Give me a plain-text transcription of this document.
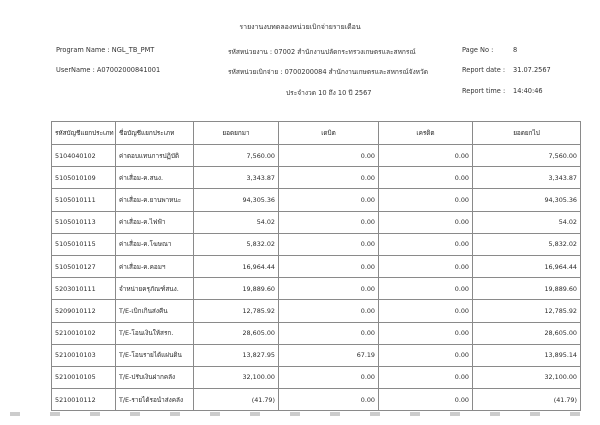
รายงานงบทดลองหน่วยเบิกจ่ายรายเดือน
Program Name : NGL_TB_PMT
UserName : A07002000841001
รหัสหน่วยงาน : 07002 สำนักงานปลัดกระทรวงเกษตรและสหกรณ์
รหัสหน่วยเบิกจ่าย : 0700200084 สำนักงานเกษตรและสหกรณ์จังหวัด
ประจำงวด 10 ถึง 10 ปี 2567
Page No :	8
Report date : 31.07.2567
Report time : 14:40:46
รหัสบัญชีแยกประเภท	ชื่อบัญชีแยกประเภท	ยอดยกมา	เดบิต	เครดิต	ยอดยกไป
5104040102	ค่าตอบแทนการปฏิบัติ	7,560.00	0.00	0.00	7,560.00
5105010109	ค่าเสื่อม-ค.สนง.	3,343.87	0.00	0.00	3,343.87
5105010111	ค่าเสื่อม-ค.ยานพาหนะ	94,305.36	0.00	0.00	94,305.36
5105010113	ค่าเสื่อม-ค.ไฟฟ้า	54.02	0.00	0.00	54.02
5105010115	ค่าเสื่อม-ค.โฆษณา	5,832.02	0.00	0.00	5,832.02
5105010127	ค่าเสื่อม-ค.คอมฯ	16,964.44	0.00	0.00	16,964.44
5203010111	จำหน่ายครุภัณฑ์สนง.	19,889.60	0.00	0.00	19,889.60
5209010112	T/E-เบิกเกินส่งคืน	12,785.92	0.00	0.00	12,785.92
5210010102	T/E-โอนเงินให้สรก.	28,605.00	0.00	0.00	28,605.00
5210010103	T/E-โอนรายได้แผ่นดิน	13,827.95	67.19	0.00	13,895.14
5210010105	T/E-ปรับเงินฝากคลัง	32,100.00	0.00	0.00	32,100.00
5210010112	T/E-รายได้รอนำส่งคลัง	(41.79)	0.00	0.00	(41.79)
